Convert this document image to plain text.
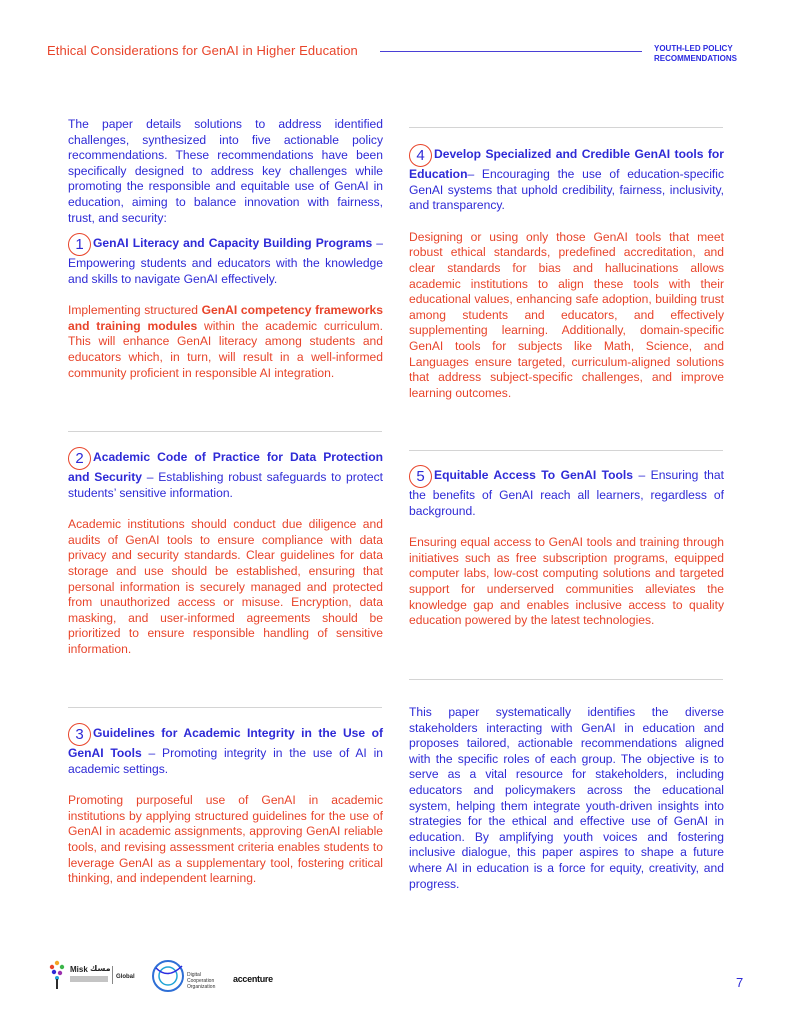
Ethical Considerations for GenAI in Higher Education	YOUTH-LED POLICY
RECOMMENDATIONS

The paper details solutions to address identified challenges, synthesized into five actionable policy recommendations. These recommendations have been specifically designed to address key challenges while promoting the responsible and equitable use of GenAI in education, aiming to balance innovation with fairness, trust, and security:

1 GenAI Literacy and Capacity Building Programs – Empowering students and educators with the knowledge and skills to navigate GenAI effectively.

Implementing structured GenAI competency frameworks and training modules within the academic curriculum. This will enhance GenAI literacy among students and educators which, in turn, will result in a well-informed community proficient in responsible AI integration.

2 Academic Code of Practice for Data Protection and Security – Establishing robust safeguards to protect students’ sensitive information.

Academic institutions should conduct due diligence and audits of GenAI tools to ensure compliance with data privacy and security standards. Clear guidelines for data storage and use should be established, ensuring that personal information is securely managed and protected from unauthorized access or misuse. Encryption, data masking, and user-informed agreements should be prioritized to ensure responsible handling of sensitive information.

3 Guidelines for Academic Integrity in the Use of GenAI Tools – Promoting integrity in the use of AI in academic settings.

Promoting purposeful use of GenAI in academic institutions by applying structured guidelines for the use of GenAI in academic assignments, approving GenAI reliable tools, and revising assessment criteria enables students to leverage GenAI as a supplementary tool, fostering critical thinking, and independent learning.

4 Develop Specialized and Credible GenAI tools for Education– Encouraging the use of education-specific GenAI systems that uphold credibility, fairness, inclusivity, and transparency.

Designing or using only those GenAI tools that meet robust ethical standards, predefined accreditation, and clear standards for bias and hallucinations allows academic institutions to align these tools with their educational values, enhancing safe adoption, building trust among students and educators, and effectively supplementing learning. Additionally, domain-specific GenAI tools for subjects like Math, Science, and Languages ensure targeted, curriculum-aligned solutions that address subject-specific challenges, and improve learning outcomes.

5 Equitable Access To GenAI Tools – Ensuring that the benefits of GenAI reach all learners, regardless of background.

Ensuring equal access to GenAI tools and training through initiatives such as free subscription programs, equipped computer labs, low-cost computing solutions and targeted support for underserved communities alleviates the knowledge gap and enables inclusive access to quality education powered by the latest technologies.

This paper systematically identifies the diverse stakeholders interacting with GenAI in education and proposes tailored, actionable recommendations aligned with the specific roles of each group. The objective is to serve as a vital resource for stakeholders, including educators and policymakers across the educational system, helping them integrate youth-driven insights into strategies for the ethical and effective use of GenAI in education. By amplifying youth voices and fostering inclusive dialogue, this paper aspires to shape a future where AI in education is a force for equity, creativity, and progress.

Misk مسك
Global	Digital
Cooperation
Organization
accenture	7
